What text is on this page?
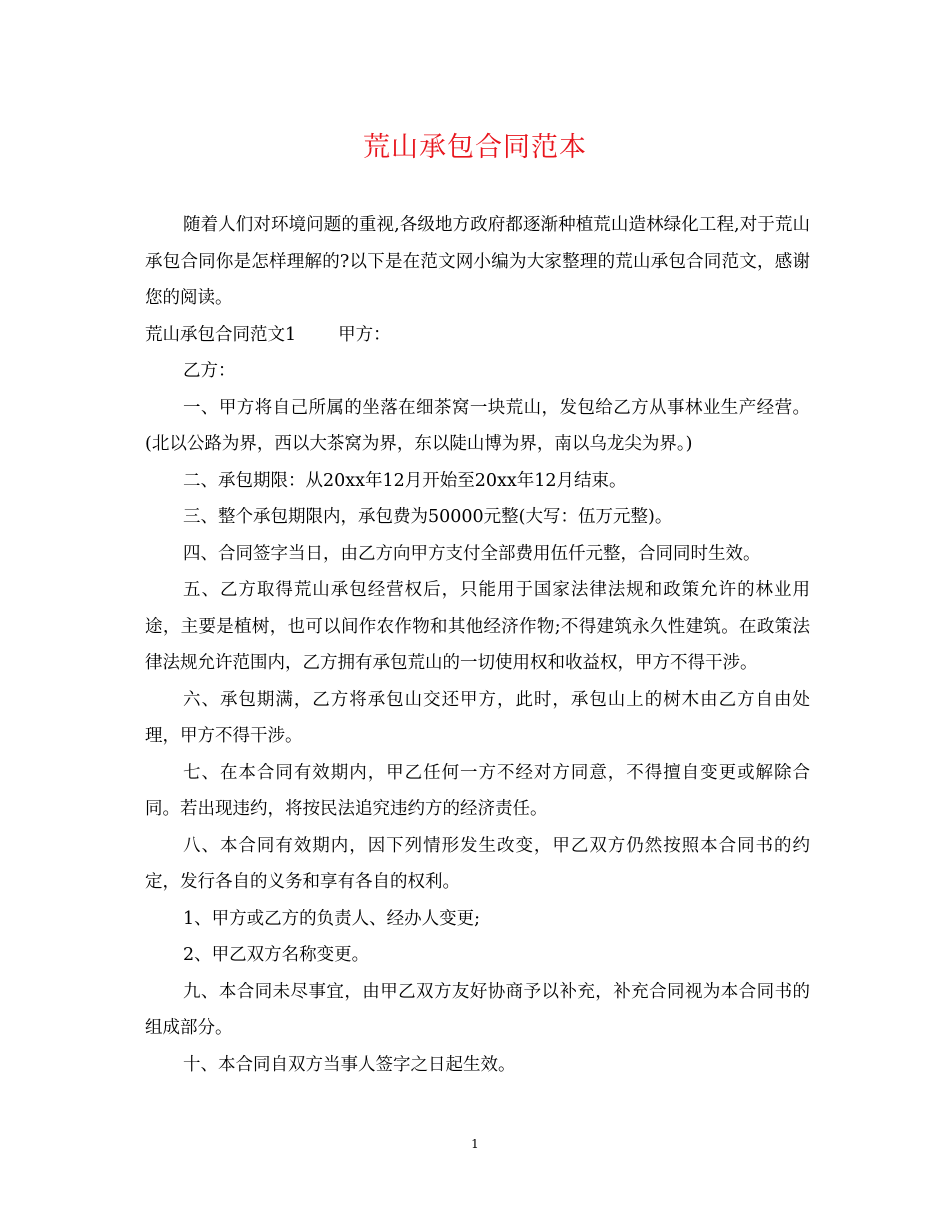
荒山承包合同范本

随着人们对环境问题的重视,各级地方政府都逐渐种植荒山造林绿化工程,对于荒山承包合同你是怎样理解的?以下是在范文网小编为大家整理的荒山承包合同范文，感谢您的阅读。

荒山承包合同范文1 甲方：

乙方：

一、甲方将自己所属的坐落在细茶窝一块荒山，发包给乙方从事林业生产经营。(北以公路为界，西以大茶窝为界，东以陡山博为界，南以乌龙尖为界。)

二、承包期限：从20xx年12月开始至20xx年12月结束。

三、整个承包期限内，承包费为50000元整(大写：伍万元整)。

四、合同签字当日，由乙方向甲方支付全部费用伍仟元整，合同同时生效。

五、乙方取得荒山承包经营权后，只能用于国家法律法规和政策允许的林业用途，主要是植树，也可以间作农作物和其他经济作物;不得建筑永久性建筑。在政策法律法规允许范围内，乙方拥有承包荒山的一切使用权和收益权，甲方不得干涉。

六、承包期满，乙方将承包山交还甲方，此时，承包山上的树木由乙方自由处理，甲方不得干涉。

七、在本合同有效期内，甲乙任何一方不经对方同意，不得擅自变更或解除合同。若出现违约，将按民法追究违约方的经济责任。

八、本合同有效期内，因下列情形发生改变，甲乙双方仍然按照本合同书的约定，发行各自的义务和享有各自的权利。

1、甲方或乙方的负责人、经办人变更;

2、甲乙双方名称变更。

九、本合同未尽事宜，由甲乙双方友好协商予以补充，补充合同视为本合同书的组成部分。

十、本合同自双方当事人签字之日起生效。

1
